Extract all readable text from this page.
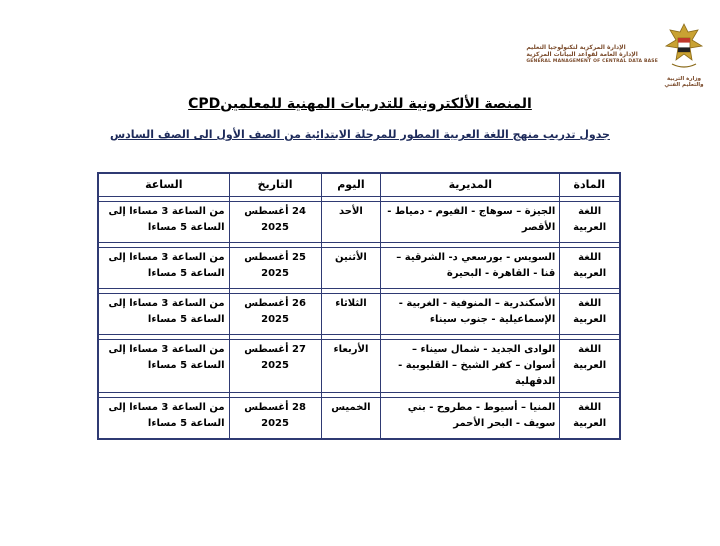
الإدارة المركزية لتكنولوجيا التعليم
الإدارة العامة لقواعد البيانات المركزية
GENERAL MANAGEMENT OF CENTRAL DATA BASE
وزارة التربية
والتعليم الفني
المنصة الألكترونية للتدريبات المهنية للمعلمينCPD
جدول تدريب منهج اللغة العربية المطور للمرحلة الابتدائية من الصف الأول الى الصف السادس
المادة	المديرية	اليوم	التاريخ	الساعة

اللغة العربية	الجيزة – سوهاج - الفيوم - دمياط - الأقصر	الأحد	24 أغسطس 2025	من الساعة 3 مساءا إلى الساعة 5 مساءا

اللغة العربية	السويس - بورسعي د- الشرقية – قنا - القاهرة - البحيرة	الأثنين	25 أغسطس 2025	من الساعة 3 مساءا إلى الساعة 5 مساءا

اللغة العربية	الأسكندرية – المنوفية - الغربية - الإسماعيلية - جنوب سيناء	الثلاثاء	26 أغسطس 2025	من الساعة 3 مساءا إلى الساعة 5 مساءا

اللغة العربية	الوادى الجديد - شمال سيناء – أسوان – كفر الشيخ – القليوبية - الدقهلية	الأربعاء	27 أغسطس 2025	من الساعة 3 مساءا إلى الساعة 5 مساءا

اللغة العربية	المنيا – أسيوط - مطروح - بني سويف - البحر الأحمر	الخميس	28 أغسطس 2025	من الساعة 3 مساءا إلى الساعة 5 مساءا
